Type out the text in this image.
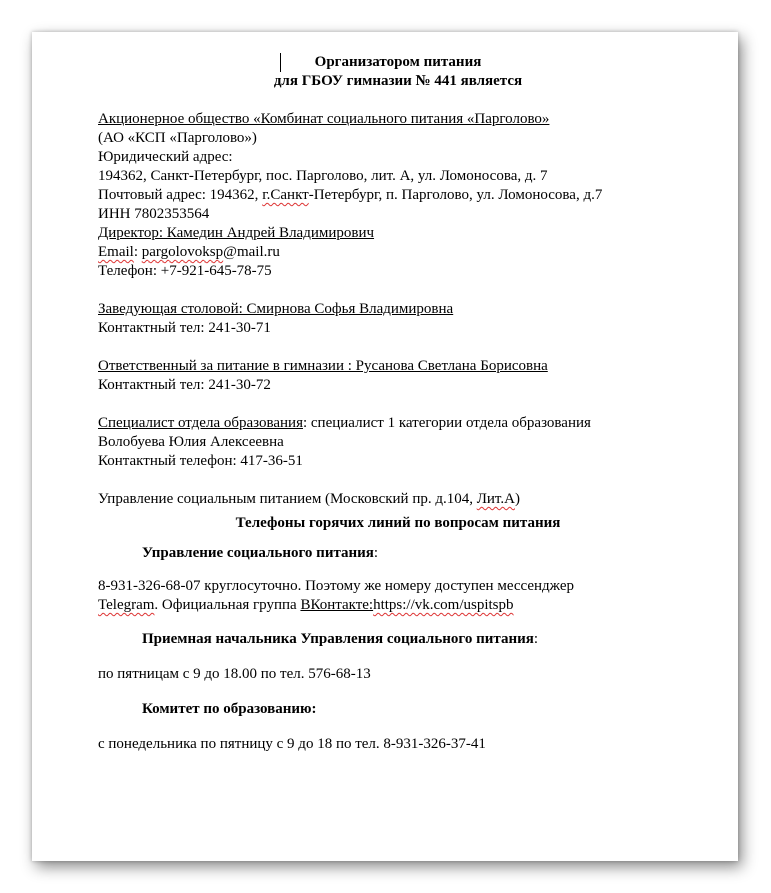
Организатором питания
для ГБОУ гимназии № 441 является
Акционерное общество «Комбинат социального питания «Парголово»
(АО «КСП «Парголово»)
Юридический адрес:
194362, Санкт-Петербург, пос. Парголово, лит. А, ул. Ломоносова, д. 7
Почтовый адрес: 194362, г.Санкт-Петербург, п. Парголово, ул. Ломоносова, д.7
ИНН 7802353564
Директор: Камедин Андрей Владимирович
Email: pargolovoksp@mail.ru
Телефон: +7-921-645-78-75
Заведующая столовой: Смирнова Софья Владимировна
Контактный тел: 241-30-71
Ответственный за питание в гимназии : Русанова Светлана Борисовна
Контактный тел: 241-30-72
Специалист отдела образования: специалист 1 категории отдела образования
Волобуева Юлия Алексеевна
Контактный телефон: 417-36-51
Управление социальным питанием (Московский пр. д.104, Лит.А)
Телефоны горячих линий по вопросам питания
Управление социального питания:
8-931-326-68-07 круглосуточно. Поэтому же номеру доступен мессенджер
Telegram. Официальная группа ВКонтакте:https://vk.com/uspitspb
Приемная начальника Управления социального питания:
по пятницам с 9 до 18.00 по тел. 576-68-13
Комитет по образованию:
с понедельника по пятницу с 9 до 18 по тел. 8-931-326-37-41
